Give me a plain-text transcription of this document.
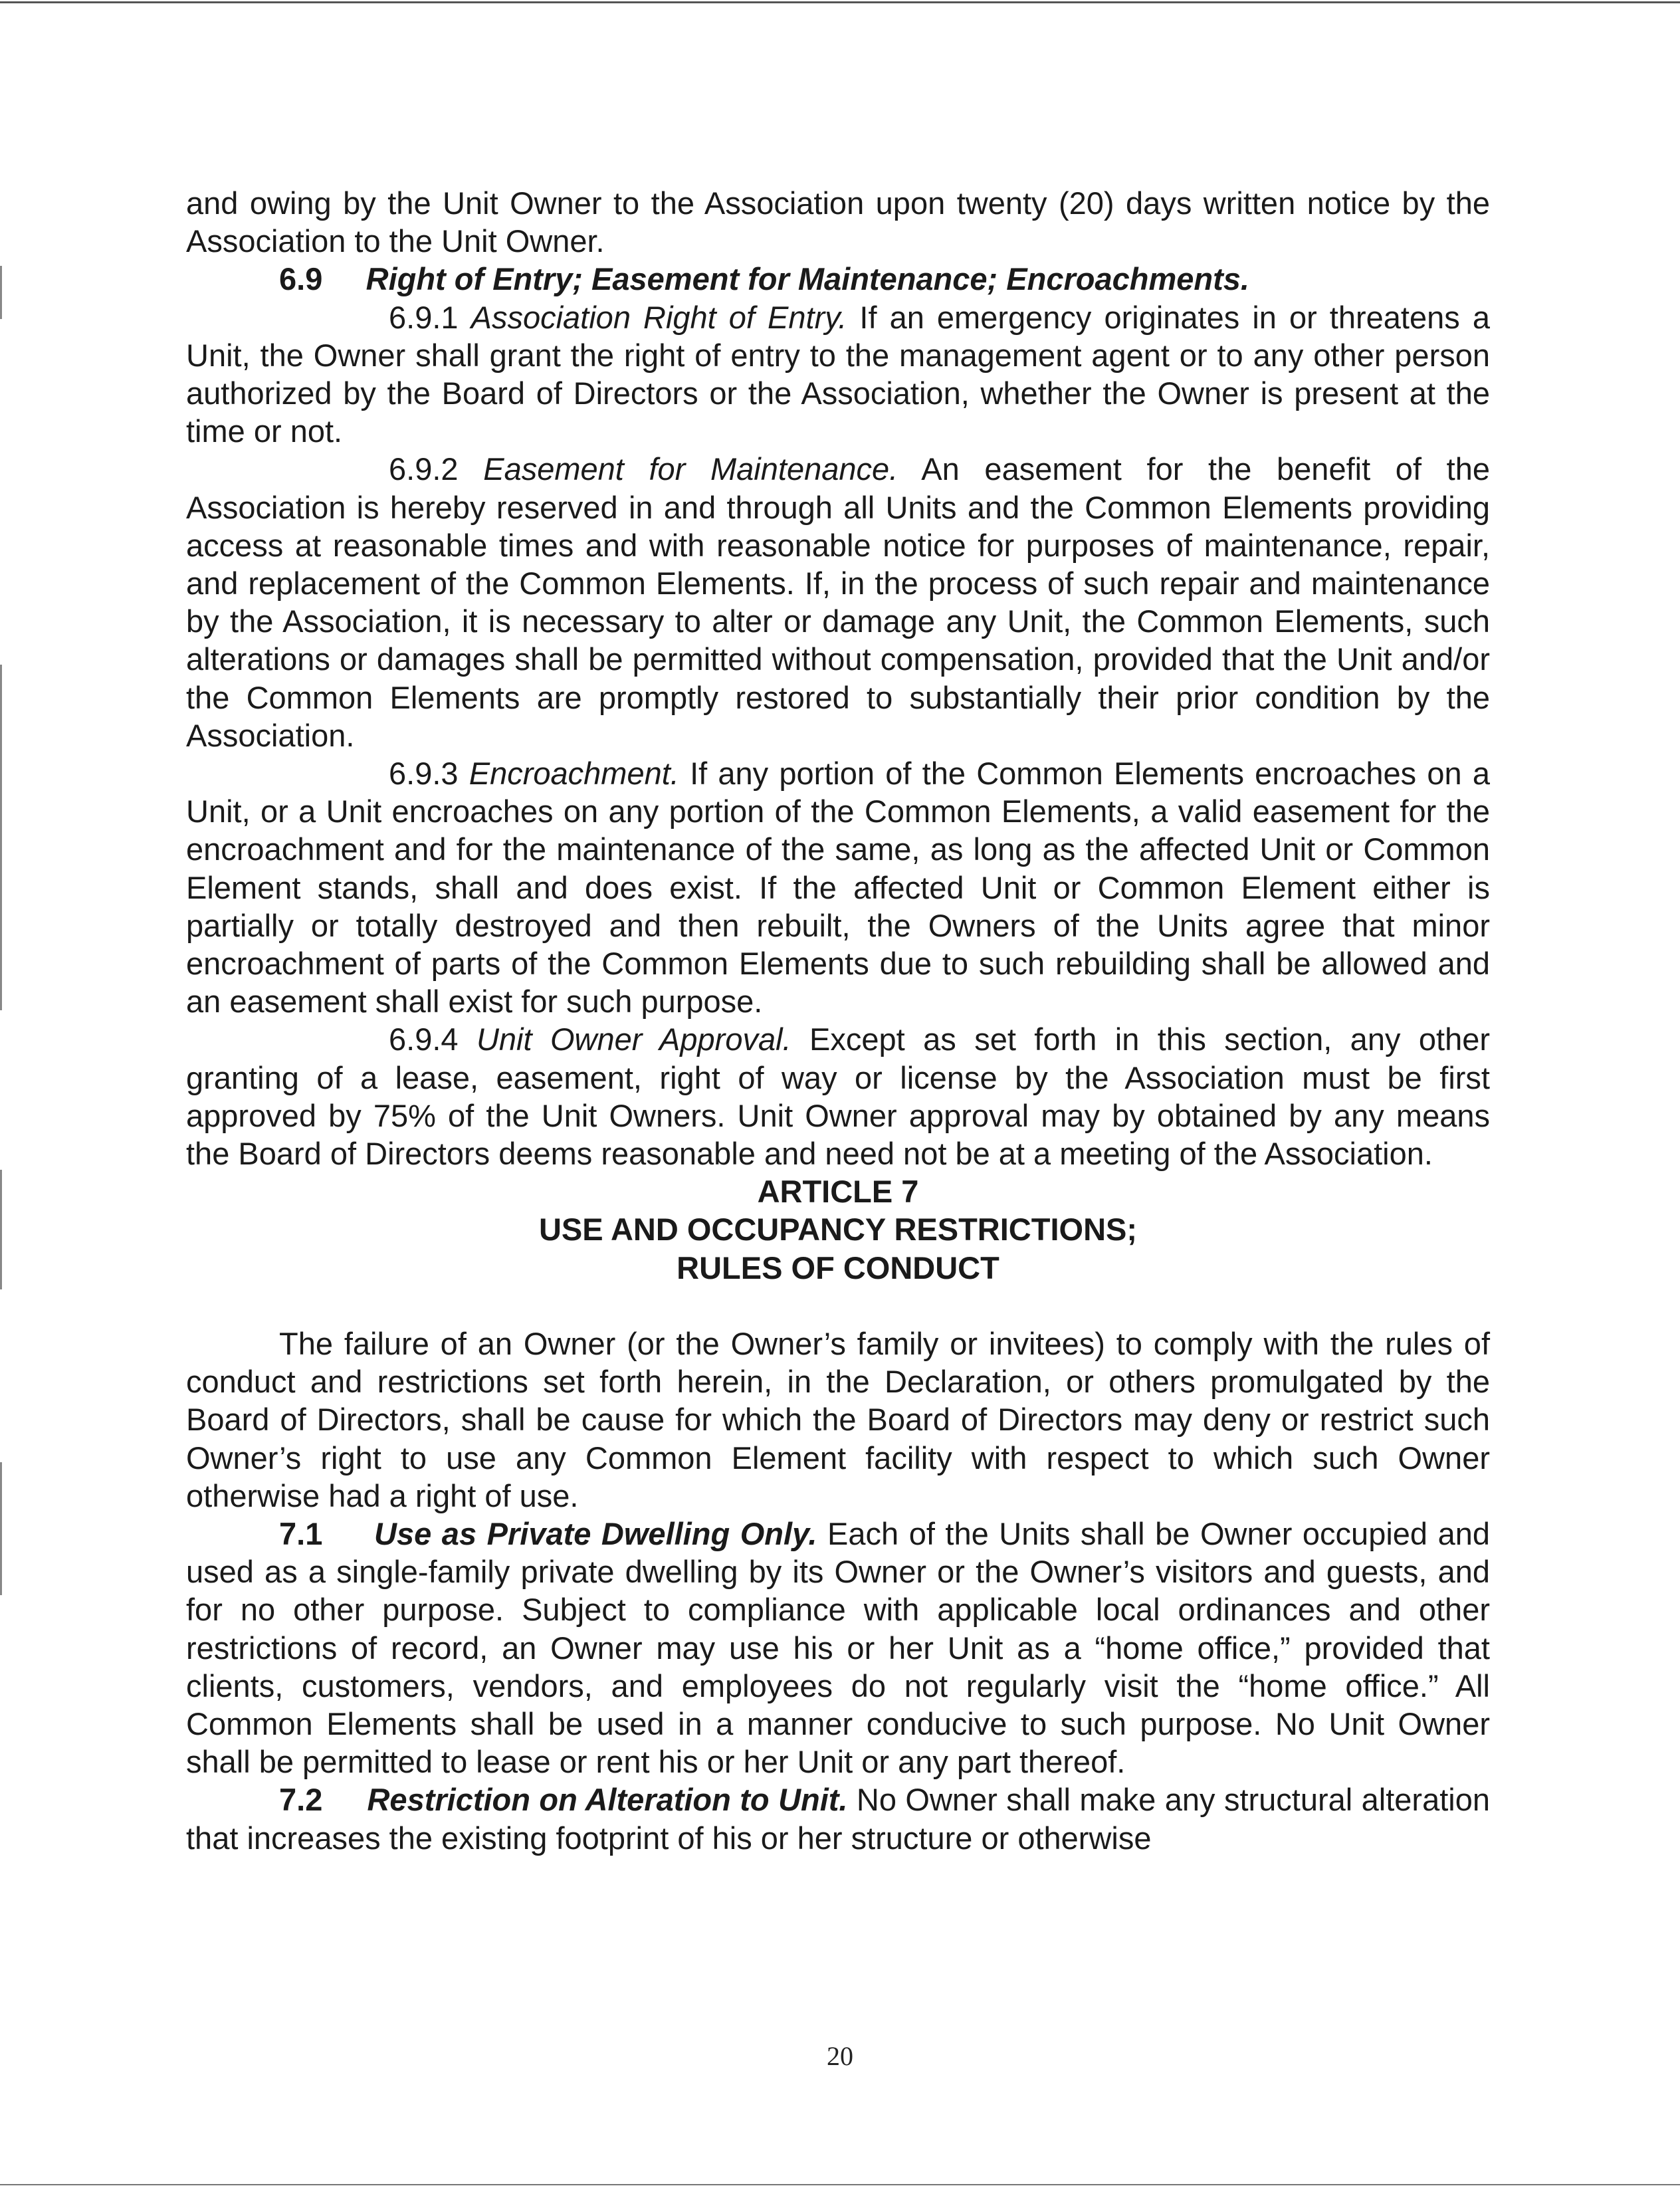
and owing by the Unit Owner to the Association upon twenty (20) days written notice by the Association to the Unit Owner.

6.9 Right of Entry; Easement for Maintenance; Encroachments.

6.9.1 Association Right of Entry. If an emergency originates in or threatens a Unit, the Owner shall grant the right of entry to the management agent or to any other person authorized by the Board of Directors or the Association, whether the Owner is present at the time or not.

6.9.2 Easement for Maintenance. An easement for the benefit of the Association is hereby reserved in and through all Units and the Common Elements providing access at reasonable times and with reasonable notice for purposes of maintenance, repair, and replacement of the Common Elements. If, in the process of such repair and maintenance by the Association, it is necessary to alter or damage any Unit, the Common Elements, such alterations or damages shall be permitted without compensation, provided that the Unit and/or the Common Elements are promptly restored to substantially their prior condition by the Association.

6.9.3 Encroachment. If any portion of the Common Elements encroaches on a Unit, or a Unit encroaches on any portion of the Common Elements, a valid easement for the encroachment and for the maintenance of the same, as long as the affected Unit or Common Element stands, shall and does exist. If the affected Unit or Common Element either is partially or totally destroyed and then rebuilt, the Owners of the Units agree that minor encroachment of parts of the Common Elements due to such rebuilding shall be allowed and an easement shall exist for such purpose.

6.9.4 Unit Owner Approval. Except as set forth in this section, any other granting of a lease, easement, right of way or license by the Association must be first approved by 75% of the Unit Owners. Unit Owner approval may by obtained by any means the Board of Directors deems reasonable and need not be at a meeting of the Association.

ARTICLE 7

USE AND OCCUPANCY RESTRICTIONS;

RULES OF CONDUCT

The failure of an Owner (or the Owner’s family or invitees) to comply with the rules of conduct and restrictions set forth herein, in the Declaration, or others promulgated by the Board of Directors, shall be cause for which the Board of Directors may deny or restrict such Owner’s right to use any Common Element facility with respect to which such Owner otherwise had a right of use.

7.1 Use as Private Dwelling Only. Each of the Units shall be Owner occupied and used as a single-family private dwelling by its Owner or the Owner’s visitors and guests, and for no other purpose. Subject to compliance with applicable local ordinances and other restrictions of record, an Owner may use his or her Unit as a “home office,” provided that clients, customers, vendors, and employees do not regularly visit the “home office.” All Common Elements shall be used in a manner conducive to such purpose. No Unit Owner shall be permitted to lease or rent his or her Unit or any part thereof.

7.2 Restriction on Alteration to Unit. No Owner shall make any structural alteration that increases the existing footprint of his or her structure or otherwise

20
